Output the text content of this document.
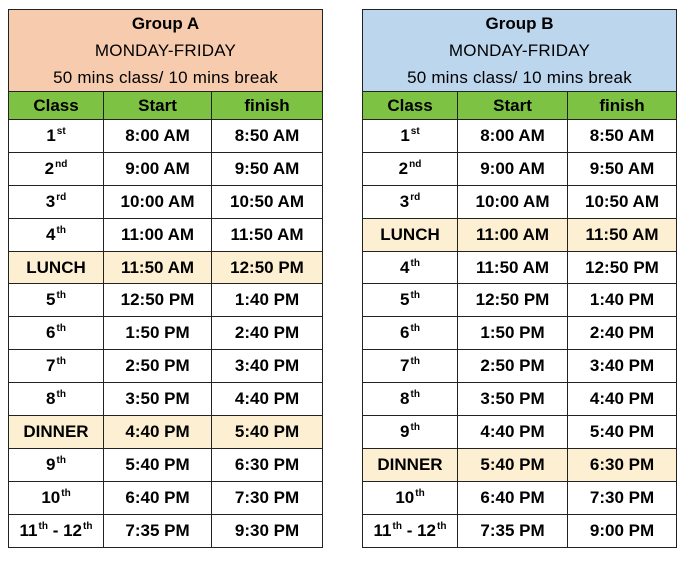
Group A		
MONDAY-FRIDAY		
50 mins class/ 10 mins break		
Class	Start	finish
1st	8:00 AM	8:50 AM
2nd	9:00 AM	9:50 AM
3rd	10:00 AM	10:50 AM
4th	11:00 AM	11:50 AM
LUNCH	11:50 AM	12:50 PM
5th	12:50 PM	1:40 PM
6th	1:50 PM	2:40 PM
7th	2:50 PM	3:40 PM
8th	3:50 PM	4:40 PM
DINNER	4:40 PM	5:40 PM
9th	5:40 PM	6:30 PM
10th	6:40 PM	7:30 PM
11th - 12th	7:35 PM	9:30 PM
Group B		
MONDAY-FRIDAY		
50 mins class/ 10 mins break		
Class	Start	finish
1st	8:00 AM	8:50 AM
2nd	9:00 AM	9:50 AM
3rd	10:00 AM	10:50 AM
LUNCH	11:00 AM	11:50 AM
4th	11:50 AM	12:50 PM
5th	12:50 PM	1:40 PM
6th	1:50 PM	2:40 PM
7th	2:50 PM	3:40 PM
8th	3:50 PM	4:40 PM
9th	4:40 PM	5:40 PM
DINNER	5:40 PM	6:30 PM
10th	6:40 PM	7:30 PM
11th - 12th	7:35 PM	9:00 PM
